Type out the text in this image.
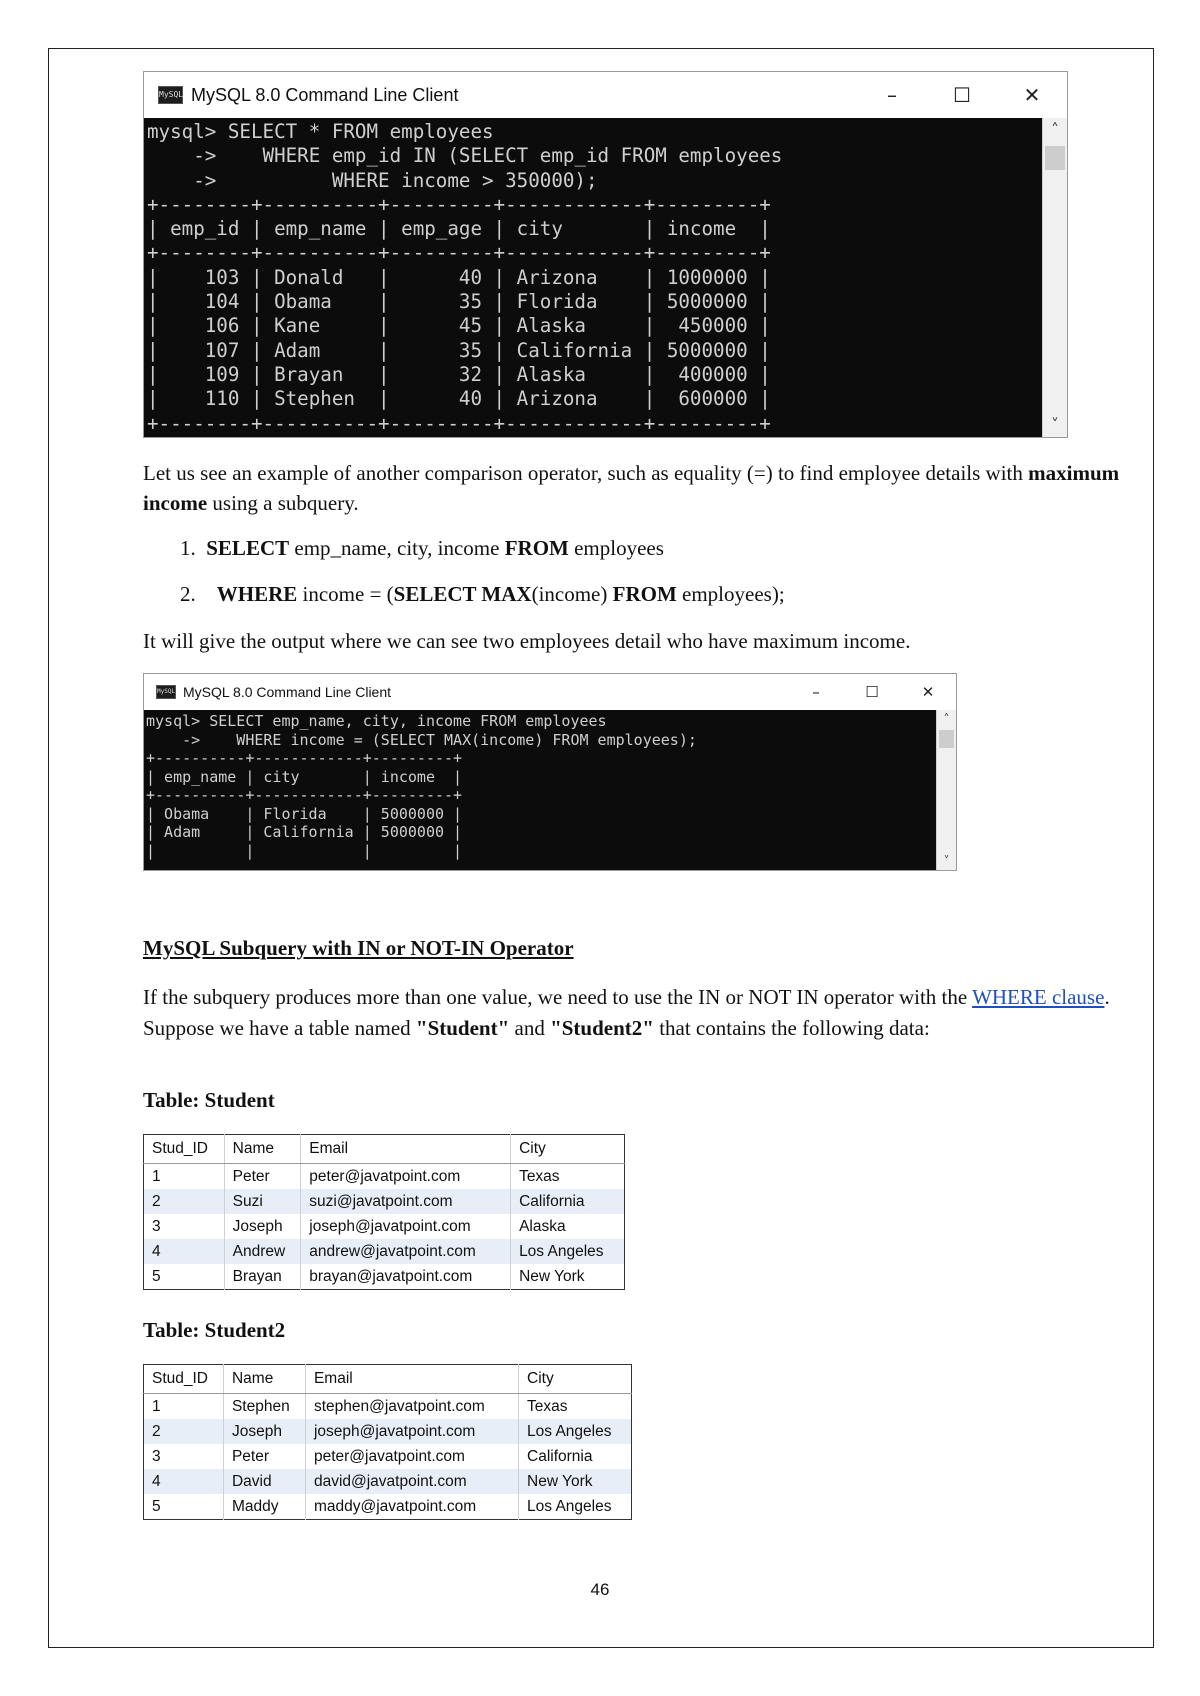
MySQL MySQL 8.0 Command Line Client	–	☐	✕
mysql> SELECT * FROM employees
->    WHERE emp_id IN (SELECT emp_id FROM employees
->          WHERE income > 350000);
+--------+----------+---------+------------+---------+
| emp_id | emp_name | emp_age | city       | income  |
+--------+----------+---------+------------+---------+
|    103 | Donald   |      40 | Arizona    | 1000000 |
|    104 | Obama    |      35 | Florida    | 5000000 |
|    106 | Kane     |      45 | Alaska     |  450000 |
|    107 | Adam     |      35 | California | 5000000 |
|    109 | Brayan   |      32 | Alaska     |  400000 |
|    110 | Stephen  |      40 | Arizona    |  600000 |
+--------+----------+---------+------------+---------+
˄
˅

Let us see an example of another comparison operator, such as equality (=) to find employee details with maximum income using a subquery.

1. SELECT emp_name, city, income FROM employees
2. WHERE income = (SELECT MAX(income) FROM employees);

It will give the output where we can see two employees detail who have maximum income.

MySQL MySQL 8.0 Command Line Client	–	☐	✕
mysql> SELECT emp_name, city, income FROM employees
->    WHERE income = (SELECT MAX(income) FROM employees);
+----------+------------+---------+
| emp_name | city       | income  |
+----------+------------+---------+
| Obama    | Florida    | 5000000 |
| Adam     | California | 5000000 |
|          |            |         |
˄
˅

MySQL Subquery with IN or NOT-IN Operator

If the subquery produces more than one value, we need to use the IN or NOT IN operator with the WHERE clause. Suppose we have a table named "Student" and "Student2" that contains the following data:

Table: Student

Stud_ID	Name	Email	City
1	Peter	peter@javatpoint.com	Texas
2	Suzi	suzi@javatpoint.com	California
3	Joseph	joseph@javatpoint.com	Alaska
4	Andrew	andrew@javatpoint.com	Los Angeles
5	Brayan	brayan@javatpoint.com	New York

Table: Student2

Stud_ID	Name	Email	City
1	Stephen	stephen@javatpoint.com	Texas
2	Joseph	joseph@javatpoint.com	Los Angeles
3	Peter	peter@javatpoint.com	California
4	David	david@javatpoint.com	New York
5	Maddy	maddy@javatpoint.com	Los Angeles
46
